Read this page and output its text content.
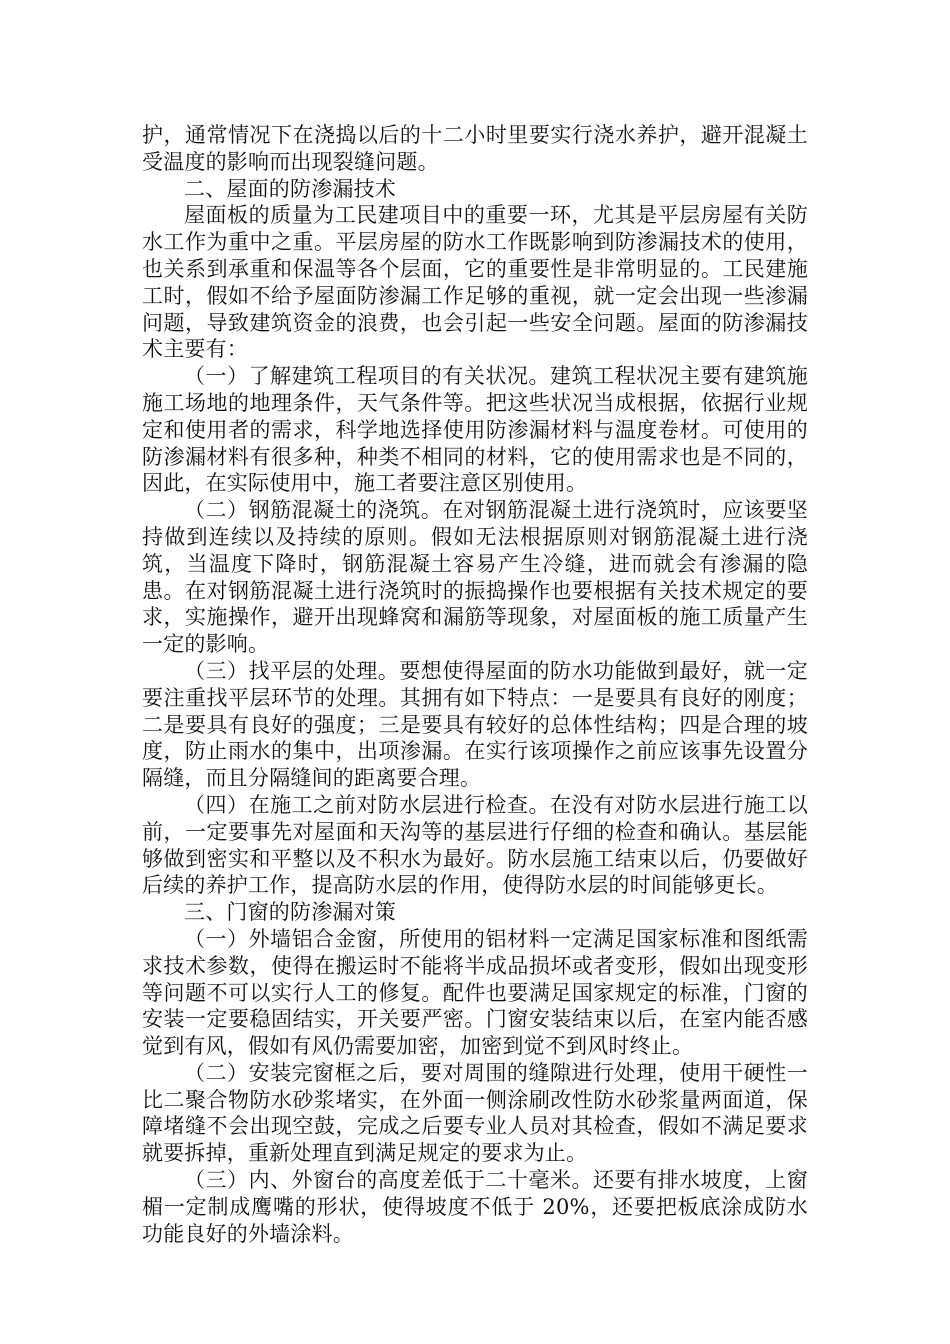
护，通常情况下在浇捣以后的十二小时里要实行浇水养护，避开混凝土受温度的影响而出现裂缝问题。

二、屋面的防渗漏技术

屋面板的质量为工民建项目中的重要一环，尤其是平层房屋有关防水工作为重中之重。平层房屋的防水工作既影响到防渗漏技术的使用，也关系到承重和保温等各个层面，它的重要性是非常明显的。工民建施工时，假如不给予屋面防渗漏工作足够的重视，就一定会出现一些渗漏问题，导致建筑资金的浪费，也会引起一些安全问题。屋面的防渗漏技术主要有：

（一）了解建筑工程项目的有关状况。建筑工程状况主要有建筑施施工场地的地理条件，天气条件等。把这些状况当成根据，依据行业规定和使用者的需求，科学地选择使用防渗漏材料与温度卷材。可使用的防渗漏材料有很多种，种类不相同的材料，它的使用需求也是不同的，因此，在实际使用中，施工者要注意区别使用。

（二）钢筋混凝土的浇筑。在对钢筋混凝土进行浇筑时，应该要坚持做到连续以及持续的原则。假如无法根据原则对钢筋混凝土进行浇筑，当温度下降时，钢筋混凝土容易产生冷缝，进而就会有渗漏的隐患。在对钢筋混凝土进行浇筑时的振捣操作也要根据有关技术规定的要求，实施操作，避开出现蜂窝和漏筋等现象，对屋面板的施工质量产生一定的影响。

（三）找平层的处理。要想使得屋面的防水功能做到最好，就一定要注重找平层环节的处理。其拥有如下特点：一是要具有良好的刚度；二是要具有良好的强度；三是要具有较好的总体性结构；四是合理的坡度，防止雨水的集中，出项渗漏。在实行该项操作之前应该事先设置分隔缝，而且分隔缝间的距离要合理。

（四）在施工之前对防水层进行检查。在没有对防水层进行施工以前，一定要事先对屋面和天沟等的基层进行仔细的检查和确认。基层能够做到密实和平整以及不积水为最好。防水层施工结束以后，仍要做好后续的养护工作，提高防水层的作用，使得防水层的时间能够更长。

三、门窗的防渗漏对策

（一）外墙铝合金窗，所使用的铝材料一定满足国家标准和图纸需求技术参数，使得在搬运时不能将半成品损坏或者变形，假如出现变形等问题不可以实行人工的修复。配件也要满足国家规定的标准，门窗的安装一定要稳固结实，开关要严密。门窗安装结束以后，在室内能否感觉到有风，假如有风仍需要加密，加密到觉不到风时终止。

（二）安装完窗框之后，要对周围的缝隙进行处理，使用干硬性一比二聚合物防水砂浆堵实，在外面一侧涂刷改性防水砂浆量两面道，保障堵缝不会出现空鼓，完成之后要专业人员对其检查，假如不满足要求就要拆掉，重新处理直到满足规定的要求为止。

（三）内、外窗台的高度差低于二十毫米。还要有排水坡度，上窗楣一定制成鹰嘴的形状，使得坡度不低于 20%，还要把板底涂成防水功能良好的外墙涂料。
